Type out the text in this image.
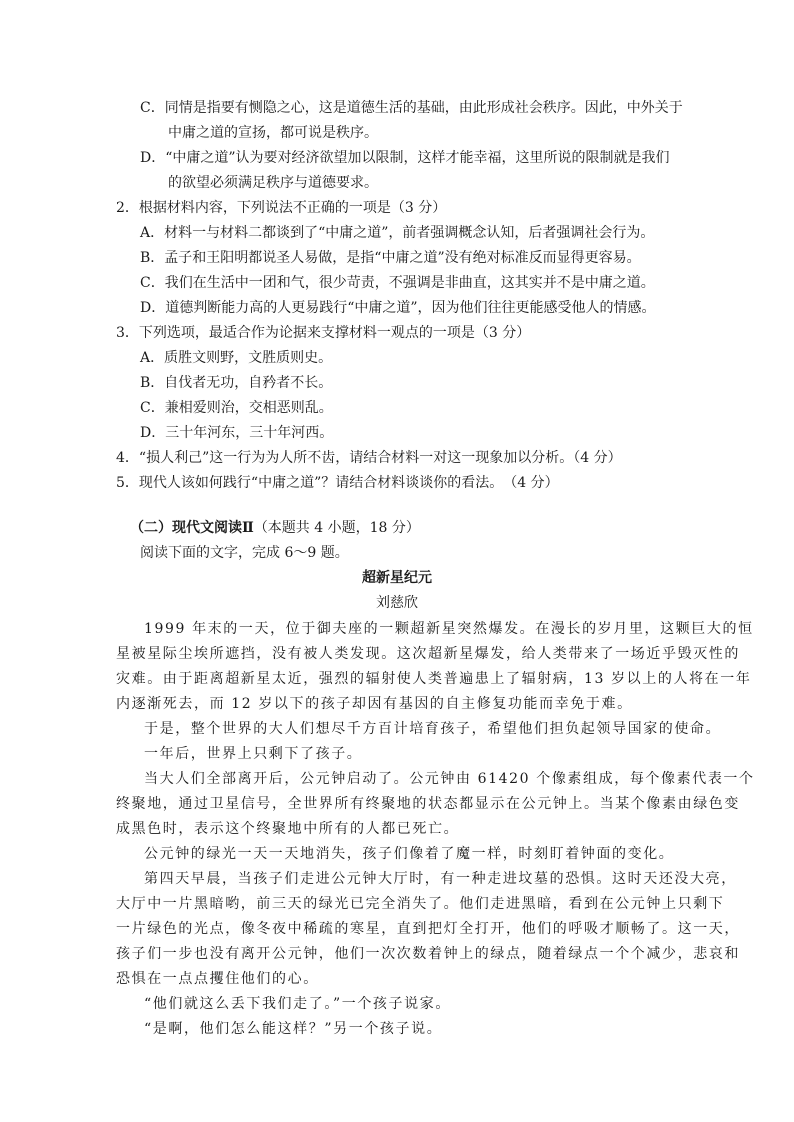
C．同情是指要有恻隐之心，这是道德生活的基础，由此形成社会秩序。因此，中外关于
中庸之道的宣扬，都可说是秩序。
D．“中庸之道”认为要对经济欲望加以限制，这样才能幸福，这里所说的限制就是我们
的欲望必须满足秩序与道德要求。
2．根据材料内容，下列说法不正确的一项是（3 分）
A．材料一与材料二都谈到了“中庸之道”，前者强调概念认知，后者强调社会行为。
B．孟子和王阳明都说圣人易做，是指“中庸之道”没有绝对标准反而显得更容易。
C．我们在生活中一团和气，很少苛责，不强调是非曲直，这其实并不是中庸之道。
D．道德判断能力高的人更易践行“中庸之道”，因为他们往往更能感受他人的情感。
3．下列选项，最适合作为论据来支撑材料一观点的一项是（3 分）
A．质胜文则野，文胜质则史。
B．自伐者无功，自矜者不长。
C．兼相爱则治，交相恶则乱。
D．三十年河东，三十年河西。
4．“损人利己”这一行为为人所不齿，请结合材料一对这一现象加以分析。（4 分）
5．现代人该如何践行“中庸之道”？请结合材料谈谈你的看法。　（4 分）
（二）现代文阅读Ⅱ（本题共 4 小题，18 分）
阅读下面的文字，完成 6～9 题。
超新星纪元
刘慈欣
1999 年末的一天，位于御夫座的一颗超新星突然爆发。在漫长的岁月里，这颗巨大的恒
星被星际尘埃所遮挡，没有被人类发现。这次超新星爆发，给人类带来了一场近乎毁灭性的
灾难。由于距离超新星太近，强烈的辐射使人类普遍患上了辐射病，13 岁以上的人将在一年
内逐渐死去，而 12 岁以下的孩子却因有基因的自主修复功能而幸免于难。
于是，整个世界的大人们想尽千方百计培育孩子，希望他们担负起领导国家的使命。
一年后，世界上只剩下了孩子。
当大人们全部离开后，公元钟启动了。公元钟由 61420 个像素组成，每个像素代表一个
终聚地，通过卫星信号，全世界所有终聚地的状态都显示在公元钟上。当某个像素由绿色变
成黑色时，表示这个终聚地中所有的人都已死亡。
公元钟的绿光一天一天地消失，孩子们像着了魔一样，时刻盯着钟面的变化。
第四天早晨，当孩子们走进公元钟大厅时，有一种走进坟墓的恐惧。这时天还没大亮，
大厅中一片黑暗哟，前三天的绿光已完全消失了。他们走进黑暗，看到在公元钟上只剩下
一片绿色的光点，像冬夜中稀疏的寒星，直到把灯全打开，他们的呼吸才顺畅了。这一天，
孩子们一步也没有离开公元钟，他们一次次数着钟上的绿点，随着绿点一个个减少，悲哀和
恐惧在一点点攫住他们的心。
“他们就这么丢下我们走了。”一个孩子说家。
“是啊，他们怎么能这样？”另一个孩子说。
